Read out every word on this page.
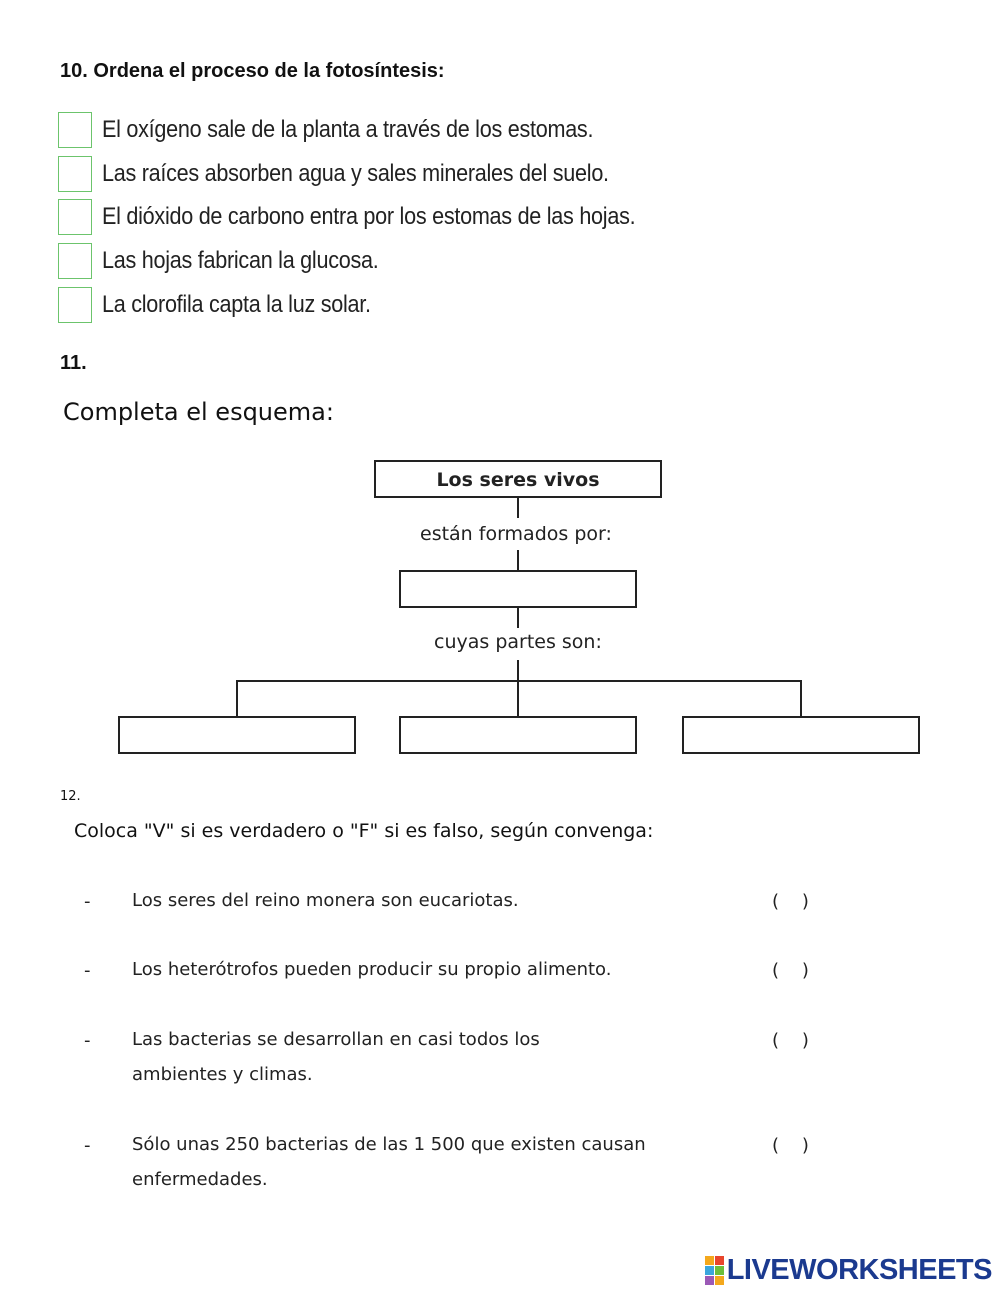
10. Ordena el proceso de la fotosíntesis:
El oxígeno sale de la planta a través de los estomas.
Las raíces absorben agua y sales minerales del suelo.
El dióxido de carbono entra por los estomas de las hojas.
Las hojas fabrican la glucosa.
La clorofila capta la luz solar.
11.
Completa el esquema:
Los seres vivos
están formados por:
cuyas partes son:
12.
Coloca "V" si es verdadero o "F" si es falso, según convenga:
- Los seres del reino monera son eucariotas.	(    )
- Los heterótrofos pueden producir su propio alimento.	(    )
- Las bacterias se desarrollan en casi todos los ambientes y climas.
(    )
- Sólo unas 250 bacterias de las 1 500 que existen causan enfermedades.
(    )
LIVEWORKSHEETS
